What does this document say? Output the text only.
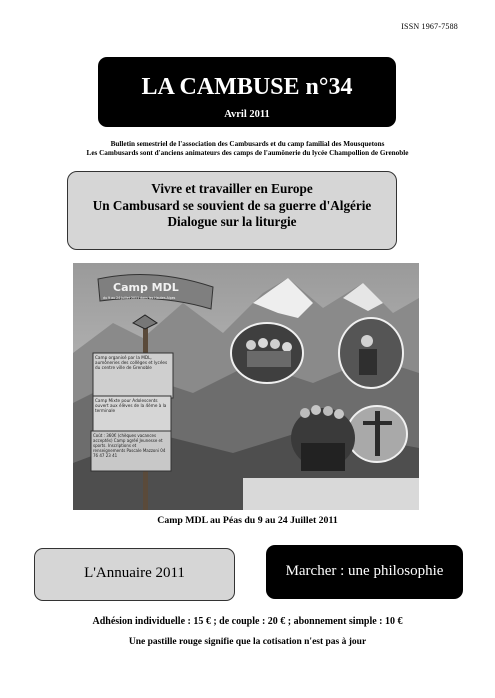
ISSN 1967-7588
LA CAMBUSE n°34
Avril 2011
Bulletin semestriel de l'association des Cambusards et du camp familial des Mousquetons
Les Cambusards sont d'anciens animateurs des camps de l'aumônerie du lycée Champollion de Grenoble
Vivre et travailler en Europe
Un Cambusard se souvient de sa guerre d'Algérie
Dialogue sur la liturgie
Camp MDL
du 9 au 24 Juillet 2011 dans les Hautes-Alpes
Camp organisé par la MDL, aumôneries des collèges et lycées du centre ville de Grenoble
Camp Mixte pour Adolescents ouvert aux élèves de la 4ème à la terminale
Coût : 360€ (chèques vacances acceptés) Camp agréé Jeunesse et sports. Inscriptions et renseignements Pascale Mazzoni 04 76 47 23 41
Camp MDL au Péas du 9 au 24 Juillet 2011
L'Annuaire 2011	Marcher : une philosophie
Adhésion individuelle : 15 € ; de couple : 20 € ; abonnement simple : 10 €
Une pastille rouge signifie que la cotisation n'est pas à jour
